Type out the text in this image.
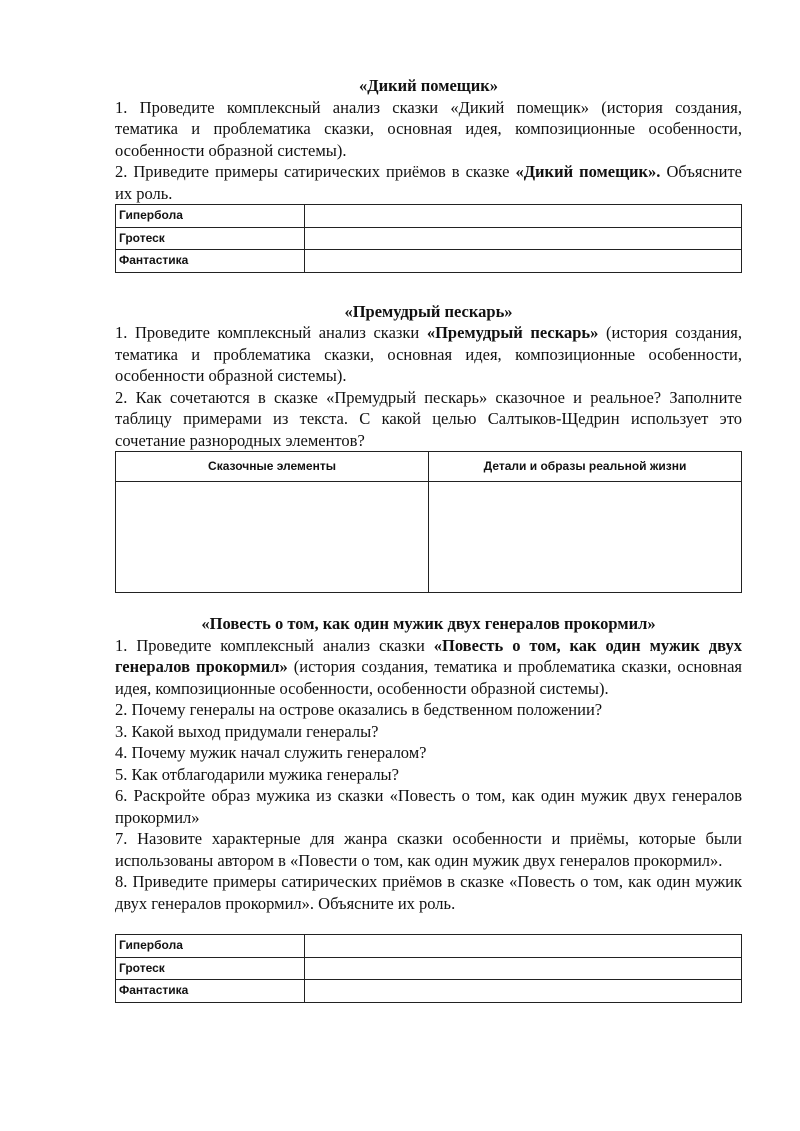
«Дикий помещик»

1. Проведите комплексный анализ сказки «Дикий помещик» (история создания, тематика и проблематика сказки, основная идея, композиционные особенности, особенности образной системы).

2. Приведите примеры сатирических приёмов в сказке «Дикий помещик». Объясните их роль.

Гипербола	
Гротеск	
Фантастика	

«Премудрый пескарь»

1. Проведите комплексный анализ сказки «Премудрый пескарь» (история создания, тематика и проблематика сказки, основная идея, композиционные особенности, особенности образной системы).

2. Как сочетаются в сказке «Премудрый пескарь» сказочное и реальное? Заполните таблицу примерами из текста. С какой целью Салтыков-Щедрин использует это сочетание разнородных элементов?

Сказочные элементы	Детали и образы реальной жизни

«Повесть о том, как один мужик двух генералов прокормил»

1. Проведите комплексный анализ сказки «Повесть о том, как один мужик двух генералов прокормил» (история создания, тематика и проблематика сказки, основная идея, композиционные особенности, особенности образной системы).

2. Почему генералы на острове оказались в бедственном положении?

3. Какой выход придумали генералы?

4. Почему мужик начал служить генералом?

5. Как отблагодарили мужика генералы?

6. Раскройте образ мужика из сказки «Повесть о том, как один мужик двух генералов прокормил»

7. Назовите характерные для жанра сказки особенности и приёмы, которые были использованы автором в «Повести о том, как один мужик двух генералов прокормил».

8. Приведите примеры сатирических приёмов в сказке «Повесть о том, как один мужик двух генералов прокормил». Объясните их роль.

Гипербола	
Гротеск	
Фантастика	
